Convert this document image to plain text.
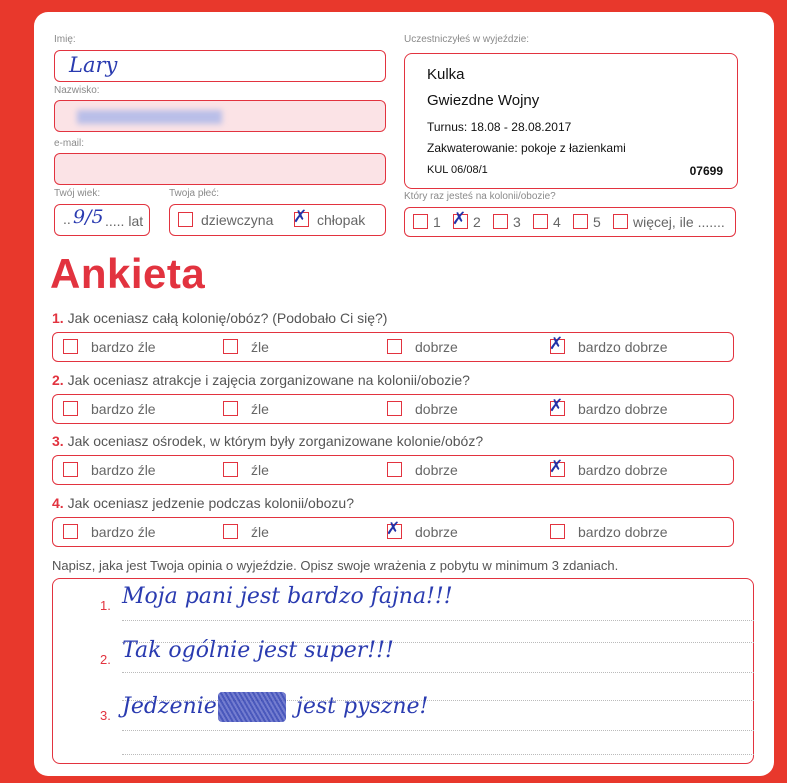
Imię:
Lary
Nazwisko:
e-mail:
Twój wiek:
.. 9/5 ..... lat
Twoja płeć:
dziewczyna ✗ chłopak
Uczestniczyłeś w wyjeździe:
Kulka
Gwiezdne Wojny
Turnus: 18.08 - 28.08.2017
Zakwaterowanie: pokoje z łazienkami
KUL 06/08/1	07699
Który raz jesteś na kolonii/obozie?
1 ✗ 2 3 4 5 więcej, ile .......
Ankieta
1. Jak oceniasz całą kolonię/obóz? (Podobało Ci się?)
bardzo źle	źle	dobrze	✗ bardzo dobrze
2. Jak oceniasz atrakcje i zajęcia zorganizowane na kolonii/obozie?
bardzo źle	źle	dobrze	✗ bardzo dobrze
3. Jak oceniasz ośrodek, w którym były zorganizowane kolonie/obóz?
bardzo źle	źle	dobrze	✗ bardzo dobrze
4. Jak oceniasz jedzenie podczas kolonii/obozu?
bardzo źle	źle	✗ dobrze	bardzo dobrze
Napisz, jaka jest Twoja opinia o wyjeździe. Opisz swoje wrażenia z pobytu w minimum 3 zdaniach.
1. Moja pani jest bardzo fajna!!!
2. Tak ogólnie jest super!!!
3. Jedzenie	jest pyszne!
